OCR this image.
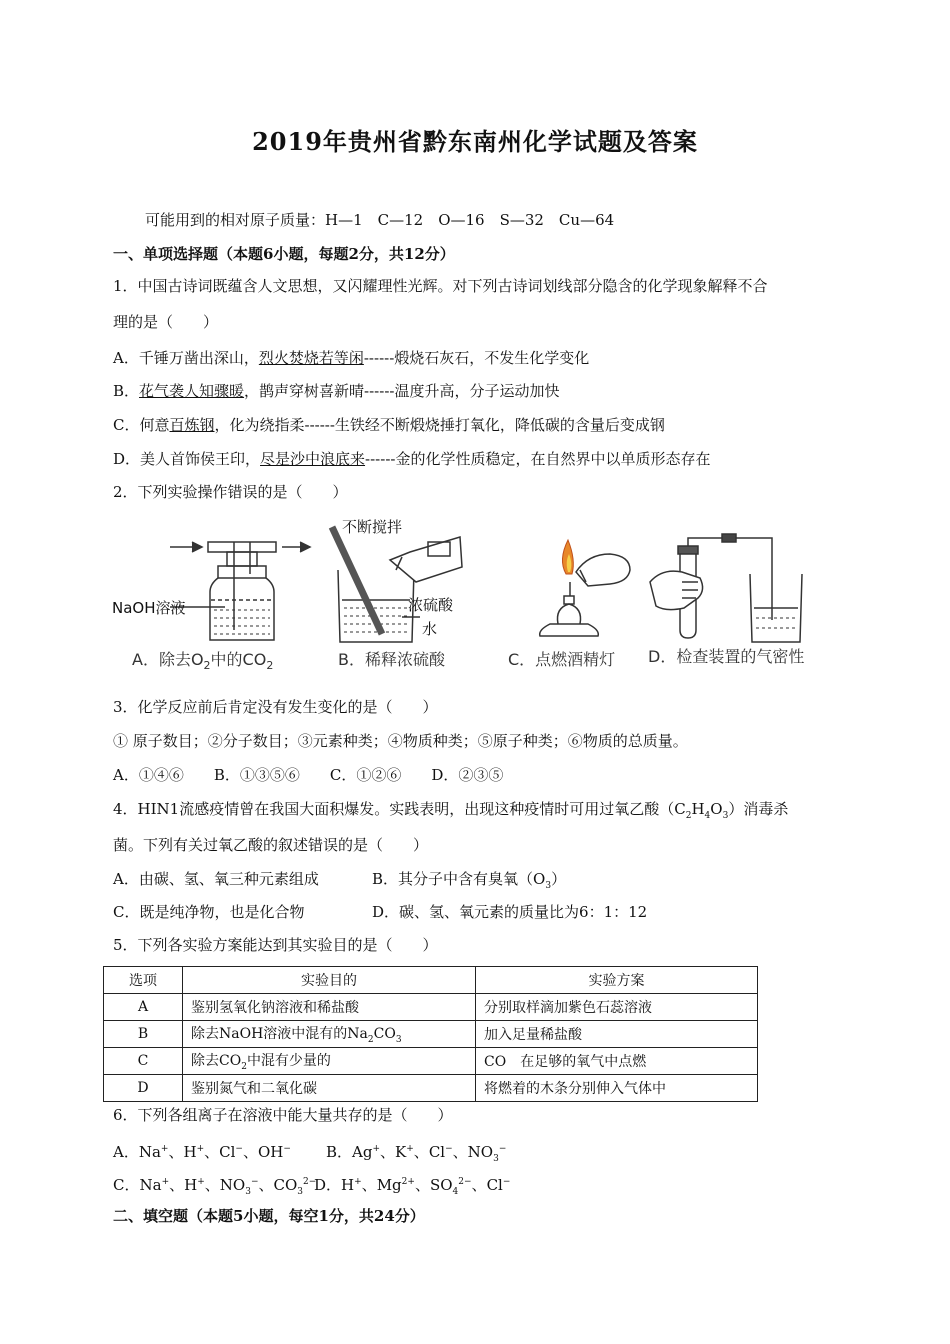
2019年贵州省黔东南州化学试题及答案
可能用到的相对原子质量：H—1　C—12　O—16　S—32　Cu—64
一、单项选择题（本题6小题，每题2分，共12分）
1．中国古诗词既蕴含人文思想，又闪耀理性光辉。对下列古诗词划线部分隐含的化学现象解释不合
理的是（　　）
A．千锤万凿出深山，烈火焚烧若等闲------煅烧石灰石，不发生化学变化
B．花气袭人知骤暖，鹊声穿树喜新晴------温度升高，分子运动加快
C．何意百炼钢，化为绕指柔------生铁经不断煅烧捶打氧化，降低碳的含量后变成钢
D．美人首饰侯王印，尽是沙中浪底来------金的化学性质稳定，在自然界中以单质形态存在
2．下列实验操作错误的是（　　）
NaOH溶液
A．除去$O_2$中的$CO_2$
不断搅拌
浓硫酸
水
B．稀释浓硫酸	C．点燃酒精灯 D．检查装置的气密性
3．化学反应前后肯定没有发生变化的是（　　）
① 原子数目；②分子数目；③元素种类；④物质种类；⑤原子种类；⑥物质的总质量。
A．①④⑥　　B．①③⑤⑥　　C．①②⑥　　D．②③⑤
4．HIN1流感疫情曾在我国大面积爆发。实践表明，出现这种疫情时可用过氧乙酸$(C_2H_4O_3)$消毒杀
菌。下列有关过氧乙酸的叙述错误的是（　　）
A．由碳、氢、氧三种元素组成	B．其分子中含有臭氧$(O_3)$
C．既是纯净物，也是化合物	D．碳、氢、氧元素的质量比为6：1：12
5．下列各实验方案能达到其实验目的是（　　）
选项	实验目的	实验方案
A	鉴别氢氧化钠溶液和稀盐酸	分别取样滴加紫色石蕊溶液
B	除去NaOH溶液中混有的$Na_2CO_3$	加入足量稀盐酸
C	除去$CO_2$中混有少量的	CO　在足够的氧气中点燃
D	鉴别氮气和二氧化碳	将燃着的木条分别伸入气体中
6．下列各组离子在溶液中能大量共存的是（　　）
A．Na+、H+、Cl−、OH− B．Ag+、K+、Cl−、$NO_3^-$
C．Na+、H+、$NO_3^-$、$CO_3^{2-}$
D．H+、$Mg^{2+}$、$SO_4^{2-}$、Cl−
二、填空题（本题5小题，每空1分，共24分）
